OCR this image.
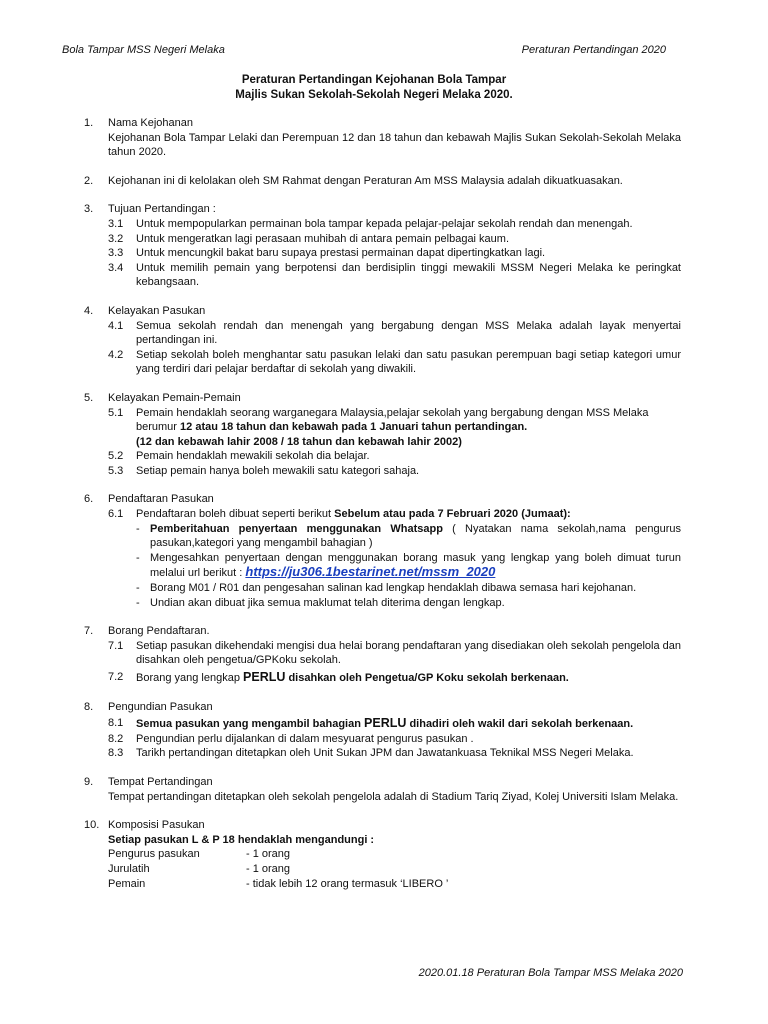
Bola Tampar MSS Negeri Melaka	Peraturan Pertandingan 2020
Peraturan Pertandingan Kejohanan Bola Tampar
Majlis Sukan Sekolah-Sekolah Negeri Melaka 2020.
1.	Nama Kejohanan
Kejohanan Bola Tampar Lelaki dan Perempuan 12 dan 18 tahun dan kebawah Majlis Sukan Sekolah-Sekolah Melaka tahun 2020.
2.	Kejohanan ini di kelolakan oleh SM Rahmat dengan Peraturan Am MSS Malaysia adalah dikuatkuasakan.
3.	Tujuan Pertandingan :
3.1 Untuk mempopularkan permainan bola tampar kepada pelajar-pelajar sekolah rendah dan menengah.
3.2 Untuk mengeratkan lagi perasaan muhibah di antara pemain pelbagai kaum.
3.3 Untuk mencungkil bakat baru supaya prestasi permainan dapat dipertingkatkan lagi.
3.4 Untuk memilih pemain yang berpotensi dan berdisiplin tinggi mewakili MSSM Negeri Melaka ke peringkat kebangsaan.
4.	Kelayakan Pasukan
4.1 Semua sekolah rendah dan menengah yang bergabung dengan MSS Melaka adalah layak menyertai pertandingan ini.
4.2 Setiap sekolah boleh menghantar satu pasukan lelaki dan satu pasukan perempuan bagi setiap kategori umur yang terdiri dari pelajar berdaftar di sekolah yang diwakili.
5.	Kelayakan Pemain-Pemain
5.1 Pemain hendaklah seorang warganegara Malaysia,pelajar sekolah yang bergabung dengan MSS Melaka berumur 12 atau 18 tahun dan kebawah pada 1 Januari tahun pertandingan.
(12 dan kebawah lahir 2008 / 18 tahun dan kebawah lahir 2002)
5.2 Pemain hendaklah mewakili sekolah dia belajar.
5.3 Setiap pemain hanya boleh mewakili satu kategori sahaja.
6.	Pendaftaran Pasukan
6.1 Pendaftaran boleh dibuat seperti berikut Sebelum atau pada 7 Februari 2020 (Jumaat):
- Pemberitahuan penyertaan menggunakan Whatsapp ( Nyatakan nama sekolah,nama pengurus pasukan,kategori yang mengambil bahagian )
- Mengesahkan penyertaan dengan menggunakan borang masuk yang lengkap yang boleh dimuat turun melalui url berikut : https://ju306.1bestarinet.net/mssm_2020
- Borang M01 / R01 dan pengesahan salinan kad lengkap hendaklah dibawa semasa hari kejohanan.
- Undian akan dibuat jika semua maklumat telah diterima dengan lengkap.
7.	Borang Pendaftaran.
7.1 Setiap pasukan dikehendaki mengisi dua helai borang pendaftaran yang disediakan oleh sekolah pengelola dan disahkan oleh pengetua/GPKoku sekolah.
7.2 Borang yang lengkap PERLU disahkan oleh Pengetua/GP Koku sekolah berkenaan.
8.	Pengundian Pasukan
8.1 Semua pasukan yang mengambil bahagian PERLU dihadiri oleh wakil dari sekolah berkenaan.
8.2 Pengundian perlu dijalankan di dalam mesyuarat pengurus pasukan .
8.3 Tarikh pertandingan ditetapkan oleh Unit Sukan JPM dan Jawatankuasa Teknikal MSS Negeri Melaka.
9.	Tempat Pertandingan
Tempat pertandingan ditetapkan oleh sekolah pengelola adalah di Stadium Tariq Ziyad, Kolej Universiti Islam Melaka.
10. Komposisi Pasukan
Setiap pasukan L & P 18 hendaklah mengandungi :
Pengurus pasukan	- 1 orang
Jurulatih	- 1 orang
Pemain	- tidak lebih 12 orang termasuk ‘LIBERO ’
2020.01.18 Peraturan Bola Tampar MSS Melaka 2020
